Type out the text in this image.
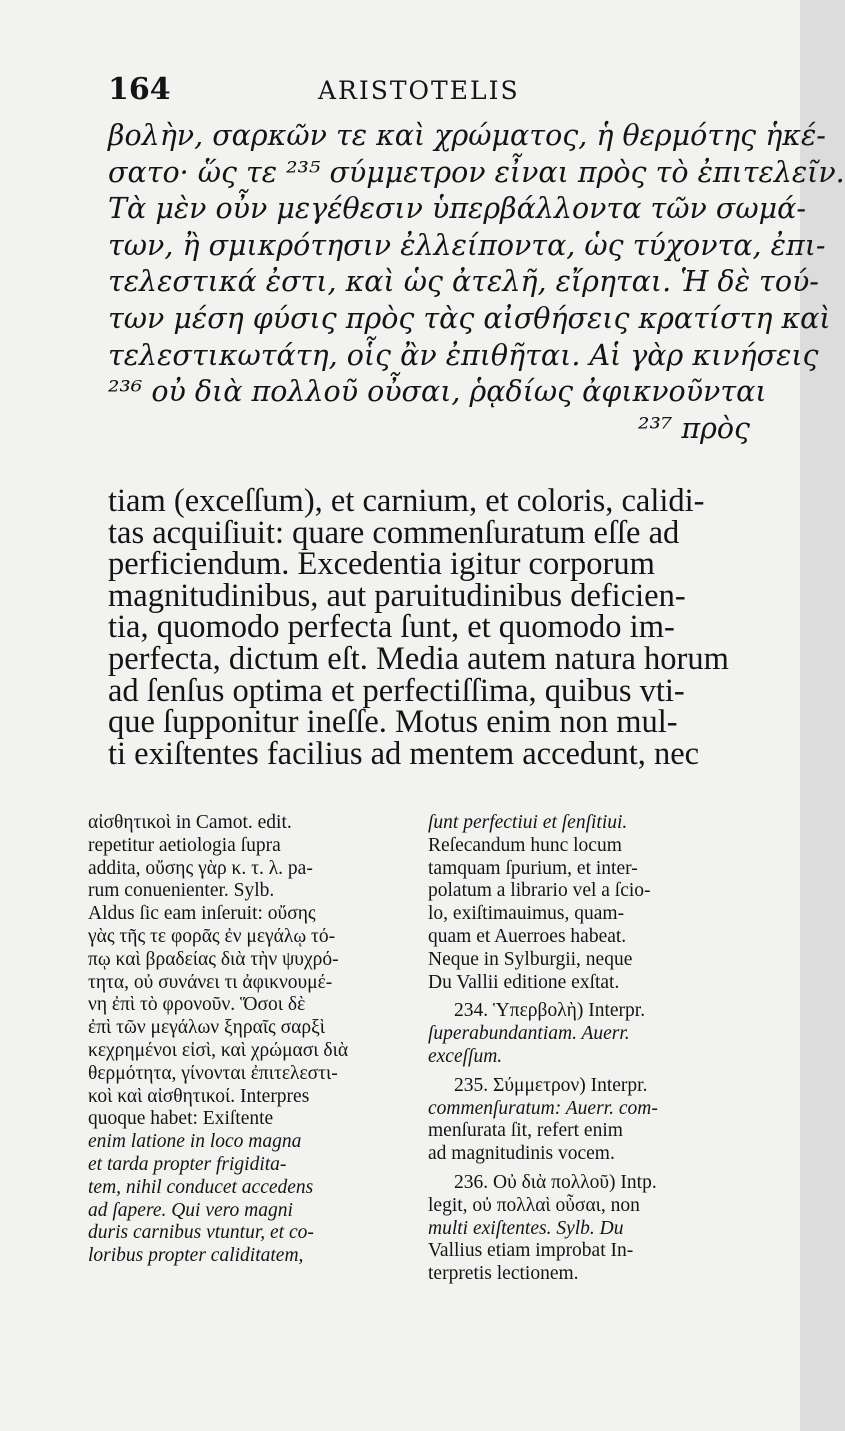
164	ARISTOTELIS
βολὴν, σαρκῶν τε καὶ χρώματος, ἡ θερμότης ἡκέ-
σατο· ὥς τε ²³⁵ σύμμετρον εἶναι πρὸς τὸ ἐπιτελεῖν.
Τὰ μὲν οὖν μεγέθεσιν ὑπερβάλλοντα τῶν σωμά-
των, ἢ σμικρότησιν ἐλλείποντα, ὡς τύχοντα, ἐπι-
τελεστικά ἐστι, καὶ ὡς ἀτελῆ, εἴρηται. Ἡ δὲ τού-
των μέση φύσις πρὸς τὰς αἰσθήσεις κρατίστη καὶ
τελεστικωτάτη, οἷς ἂν ἐπιθῆται. Αἱ γὰρ κινήσεις
²³⁶ οὐ διὰ πολλοῦ οὖσαι, ῥᾳδίως ἀφικνοῦνται
²³⁷ πρὸς
tiam (exceſſum), et carnium, et coloris, calidi-
tas acquiſiuit: quare commenſuratum eſſe ad
perficiendum. Excedentia igitur corporum
magnitudinibus, aut paruitudinibus deficien-
tia, quomodo perfecta ſunt, et quomodo im-
perfecta, dictum eſt. Media autem natura horum
ad ſenſus optima et perfectiſſima, quibus vti-
que ſupponitur ineſſe. Motus enim non mul-
ti exiſtentes facilius ad mentem accedunt, nec
αἰσθητικοὶ in Camot. edit.
repetitur aetiologia ſupra
addita, οὔσης γὰρ κ. τ. λ. pa-
rum conuenienter. Sylb.
Aldus ſic eam inſeruit: οὔσης
γὰς τῆς τε φορᾶς ἐν μεγάλῳ τό-
πῳ καὶ βραδείας διὰ τὴν ψυχρό-
τητα, οὐ συνάνει τι ἀφικνουμέ-
νη ἐπὶ τὸ φρονοῦν. Ὅσοι δὲ
ἐπὶ τῶν μεγάλων ξηραῖς σαρξὶ
κεχρημένοι εἰσὶ, καὶ χρώμασι διὰ
θερμότητα, γίνονται ἐπιτελεστι-
κοὶ καὶ αἰσθητικοί. Interpres
quoque habet: Exiſtente
enim latione in loco magna
et tarda propter frigidita-
tem, nihil conducet accedens
ad ſapere. Qui vero magni
duris carnibus vtuntur, et co-
loribus propter caliditatem,
ſunt perfectiui et ſenſitiui.
Reſecandum hunc locum
tamquam ſpurium, et inter-
polatum a librario vel a ſcio-
lo, exiſtimauimus, quam-
quam et Auerroes habeat.
Neque in Sylburgii, neque
Du Vallii editione exſtat.
234. Ὑπερβολὴ) Interpr.
ſuperabundantiam. Auerr.
exceſſum.
235. Σύμμετρον) Interpr.
commenſuratum: Auerr. com-
menſurata ſit, refert enim
ad magnitudinis vocem.
236. Οὐ διὰ πολλοῦ) Intp.
legit, οὐ πολλαὶ οὖσαι, non
multi exiſtentes. Sylb. Du
Vallius etiam improbat In-
terpretis lectionem.
